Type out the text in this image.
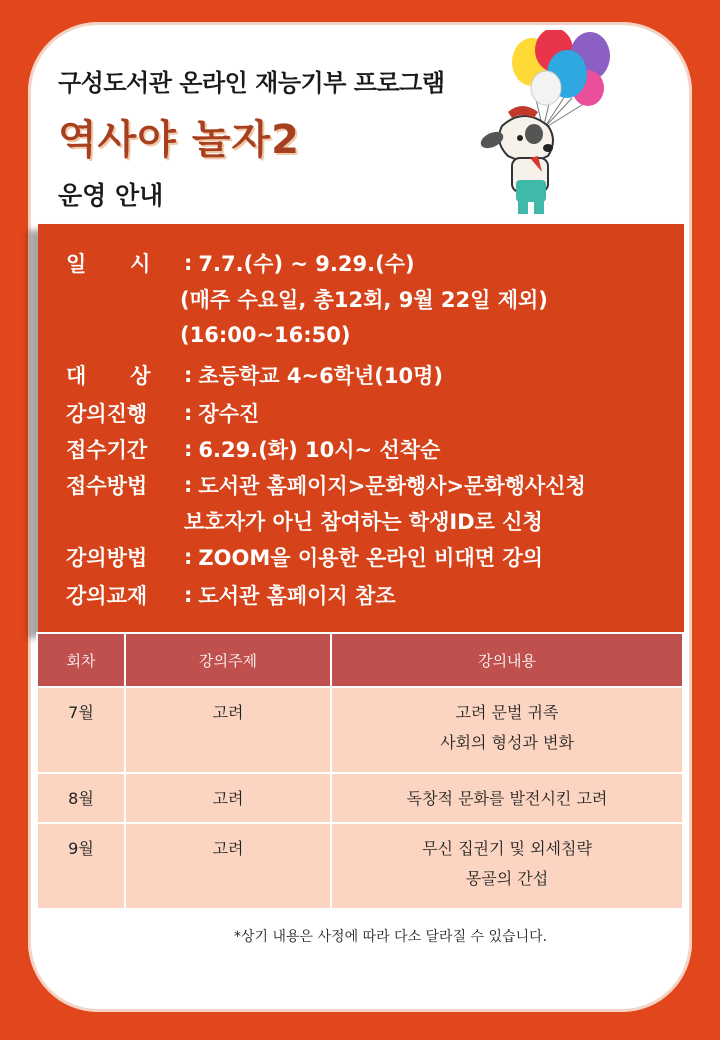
구성도서관 온라인 재능기부 프로그램
역사야 놀자2
운영 안내
일      시	: 7.7.(수) ~ 9.29.(수)
(매주 수요일, 총12회, 9월 22일 제외)
(16:00~16:50)
대      상	: 초등학교 4~6학년(10명)
강의진행	: 장수진
접수기간	: 6.29.(화) 10시~ 선착순
접수방법	: 도서관 홈페이지>문화행사>문화행사신청
보호자가 아닌 참여하는 학생ID로 신청
강의방법	: ZOOM을 이용한 온라인 비대면 강의
강의교재	: 도서관 홈페이지 참조
회차	강의주제	강의내용
7월	고려	고려 문벌 귀족
사회의 형성과 변화

8월	고려	독창적 문화를 발전시킨 고려

9월	고려	무신 집권기 및 외세침략
몽골의 간섭
*상기 내용은 사정에 따라 다소 달라질 수 있습니다.
